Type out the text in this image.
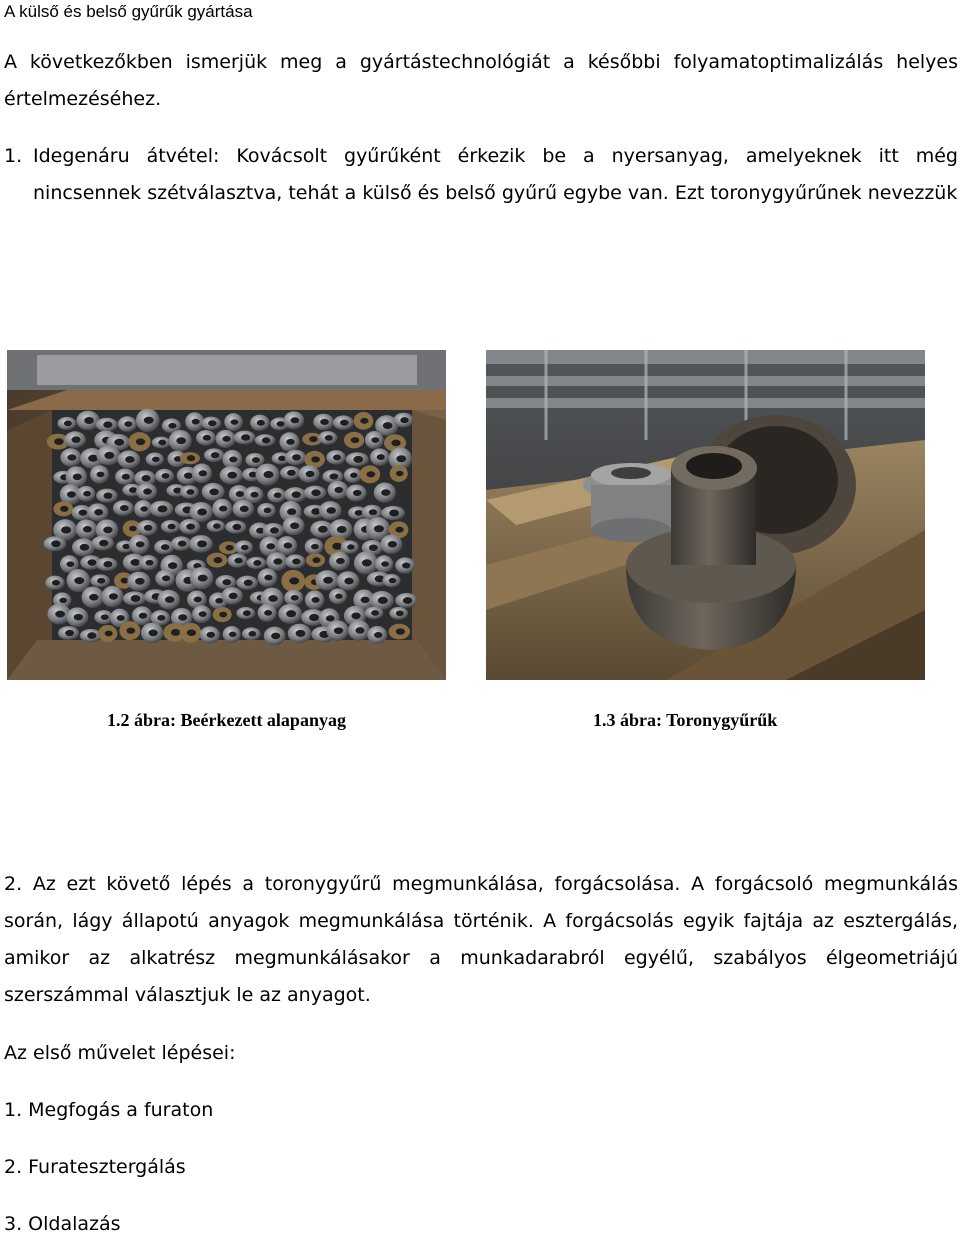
A külső és belső gyűrűk gyártása

A következőkben ismerjük meg a gyártástechnológiát a későbbi folyamatoptimalizálás helyes értelmezéséhez.

1. Idegenáru átvétel: Kovácsolt gyűrűként érkezik be a nyersanyag, amelyeknek itt még nincsennek szétválasztva, tehát a külső és belső gyűrű egybe van. Ezt toronygyűrűnek nevezzük
1.2 ábra: Beérkezett alapanyag	1.3 ábra: Toronygyűrűk

2. Az ezt követő lépés a toronygyűrű megmunkálása, forgácsolása. A forgácsoló megmunkálás során, lágy állapotú anyagok megmunkálása történik. A forgácsolás egyik fajtája az esztergálás, amikor az alkatrész megmunkálásakor a munkadarabról egyélű, szabályos élgeometriájú szerszámmal választjuk le az anyagot.

Az első művelet lépései:
1. Megfogás a furaton
2. Furatesztergálás
3. Oldalazás
